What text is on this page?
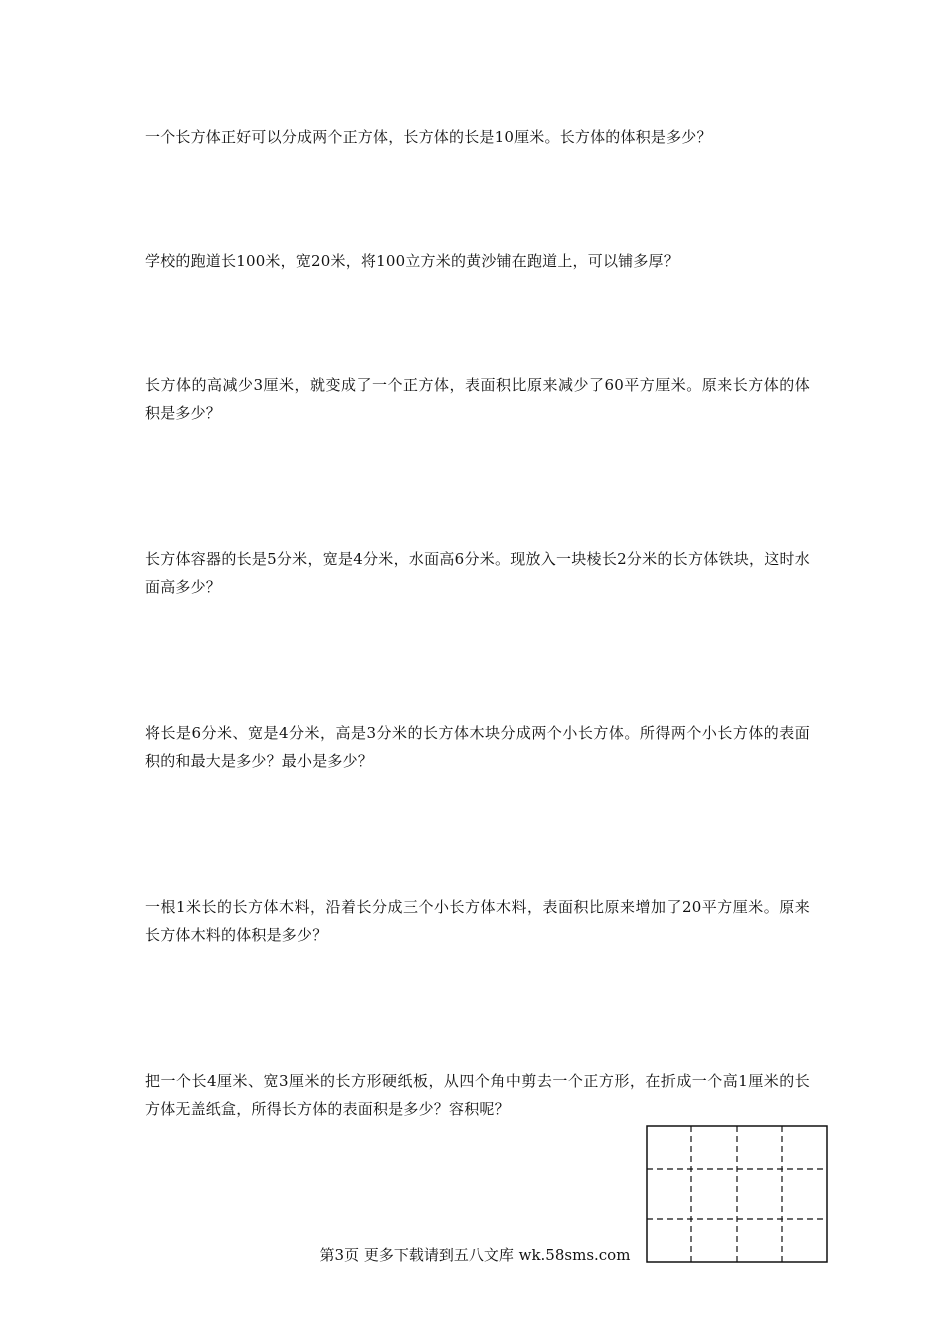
一个长方体正好可以分成两个正方体，长方体的长是10厘米。长方体的体积是多少？

学校的跑道长100米，宽20米，将100立方米的黄沙铺在跑道上，可以铺多厚？

长方体的高减少3厘米，就变成了一个正方体，表面积比原来减少了60平方厘米。原来长方体的体积是多少？

长方体容器的长是5分米，宽是4分米，水面高6分米。现放入一块棱长2分米的长方体铁块，这时水面高多少？

将长是6分米、宽是4分米，高是3分米的长方体木块分成两个小长方体。所得两个小长方体的表面积的和最大是多少？最小是多少？

一根1米长的长方体木料，沿着长分成三个小长方体木料，表面积比原来增加了20平方厘米。原来长方体木料的体积是多少？

把一个长4厘米、宽3厘米的长方形硬纸板，从四个角中剪去一个正方形，在折成一个高1厘米的长方体无盖纸盒，所得长方体的表面积是多少？容积呢？

第3页 更多下载请到五八文库 wk.58sms.com
